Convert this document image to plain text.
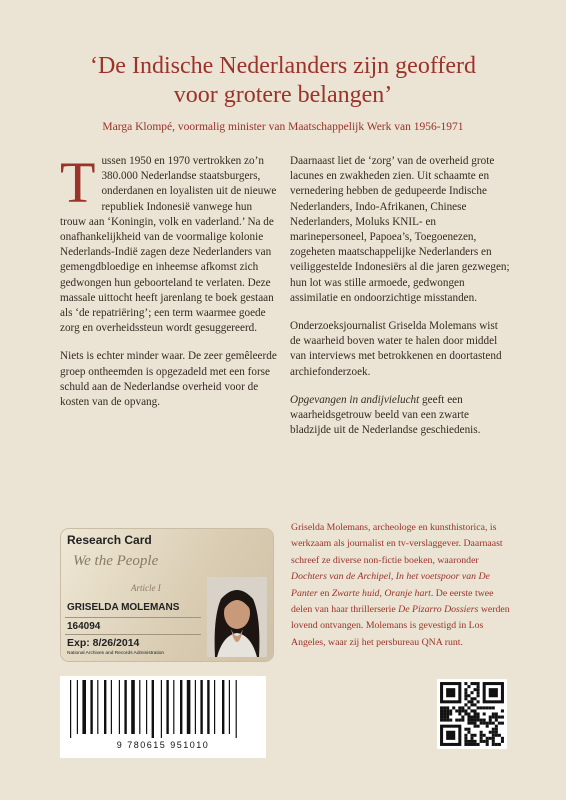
‘De Indische Nederlanders zijn geofferd
voor grotere belangen’
Marga Klompé, voormalig minister van Maatschappelijk Werk van 1956-1971

Tussen 1950 en 1970 vertrokken zo’n 380.000 Nederlandse staatsburgers, onderdanen en loyalisten uit de nieuwe republiek Indonesië vanwege hun trouw aan ‘Koningin, volk en vaderland.’ Na de onafhankelijkheid van de voormalige kolonie Nederlands-Indië zagen deze Nederlanders van gemengdbloedige en inheemse afkomst zich gedwongen hun geboorteland te verlaten. Deze massale uittocht heeft jarenlang te boek gestaan als ‘de repatriëring’; een term waarmee goede zorg en overheidssteun wordt gesuggereerd.

Niets is echter minder waar. De zeer gemêleerde groep ontheemden is opgezadeld met een forse schuld aan de Nederlandse overheid voor de kosten van de opvang.

Daarnaast liet de ‘zorg’ van de overheid grote lacunes en zwakheden zien. Uit schaamte en vernedering hebben de gedupeerde Indische Nederlanders, Indo-Afrikanen, Chinese Nederlanders, Moluks KNIL- en marinepersoneel, Papoea’s, Toegoenezen, zogeheten maatschappelijke Nederlanders en veiliggestelde Indonesiërs al die jaren gezwegen; hun lot was stille armoede, gedwongen assimilatie en ondoorzichtige misstanden.

Onderzoeksjournalist Griselda Molemans wist de waarheid boven water te halen door middel van interviews met betrokkenen en doortastend archiefonderzoek.

Opgevangen in andijvielucht geeft een waarheidsgetrouw beeld van een zwarte bladzijde uit de Nederlandse geschiedenis.

Research Card
We the People
Article I
GRISELDA MOLEMANS
164094
Exp: 8/26/2014
National Archives and Records Administration
Griselda Molemans, archeologe en kunsthistorica, is werkzaam als journalist en tv-verslaggever. Daarnaast schreef ze diverse non-fictie boeken, waaronder Dochters van de Archipel, In het voetspoor van De Panter en Zwarte huid, Oranje hart. De eerste twee delen van haar thrillerserie De Pizarro Dossiers werden lovend ontvangen. Molemans is gevestigd in Los Angeles, waar zij het persbureau QNA runt.
9 780615 951010
